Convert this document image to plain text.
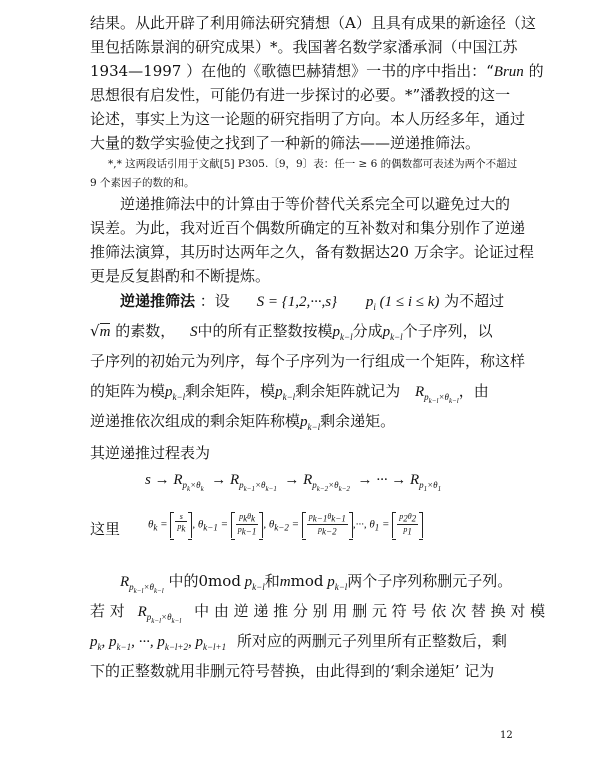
结果。从此开辟了利用筛法研究猜想（A）且具有成果的新途径（这
里包括陈景润的研究成果）*。我国著名数学家潘承洞（中国江苏
1934—1997 ）在他的《歌德巴赫猜想》一书的序中指出：“Brun 的
思想很有启发性，可能仍有进一步探讨的必要。*”潘教授的这一
论述，事实上为这一论题的研究指明了方向。本人历经多年，通过
大量的数学实验使之找到了一种新的筛法——逆递推筛法。
*,* 这两段话引用于文献[5] P305.〔9，9〕表：任一 ≥ 6 的偶数都可表述为两个不超过
9 个素因子的数的和。
逆递推筛法中的计算由于等价替代关系完全可以避免过大的
误差。为此，我对近百个偶数所确定的互补数对和集分别作了逆递
推筛法演算，其历时达两年之久，备有数据达20 万余字。论证过程
更是反复斟酌和不断提炼。
逆递推筛法 ：设 S = {1,2,···,s} $p_i$ (1 ≤ i ≤ k) 为不超过
√m 的素数， S中的所有正整数按模$p_{k-l}$分成$p_{k-l}$个子序列，以
子序列的初始元为列序，每个子序列为一行组成一个矩阵，称这样
的矩阵为模$p_{k-l}$剩余矩阵，模$p_{k-l}$剩余矩阵就记为 $R_{p_{k-l}\times\theta_{k-l}}$，由
逆递推依次组成的剩余矩阵称模$p_{k-l}$剩余递矩。
其逆递推过程表为
$s \to R_{p_k\times\theta_k} \to R_{p_{k-1}\times\theta_{k-1}} \to R_{p_{k-2}\times\theta_{k-2}}$  → ··· → $R_{p_1\times\theta_1}$
这里	$\theta_k = \frac{s}{p_k}$ , $\theta_{k-1} = \frac{p_k\theta_k}{p_{k-1}}$ , $\theta_{k-2} = \frac{p_{k-1}\theta_{k-1}}{p_{k-2}}$ ,···, $\theta_1 = \frac{p_2\theta_2}{p_1}$
$R_{p_{k-l}\times\theta_{k-l}}$ 中的0mod $p_{k-l}$和mmod $p_{k-l}$两个子序列称删元子列。
若 对 $R_{p_{k-l}\times\theta_{k-l}}$ 中 由 逆 递 推 分 别 用 删 元 符 号 依 次 替 换 对 模
$p_k$, $p_{k-1}$, ···, $p_{k-l+2}$, $p_{k-l+1}$ 所对应的两删元子列里所有正整数后，剩
下的正整数就用非删元符号替换，由此得到的‘剩余递矩’ 记为
12
